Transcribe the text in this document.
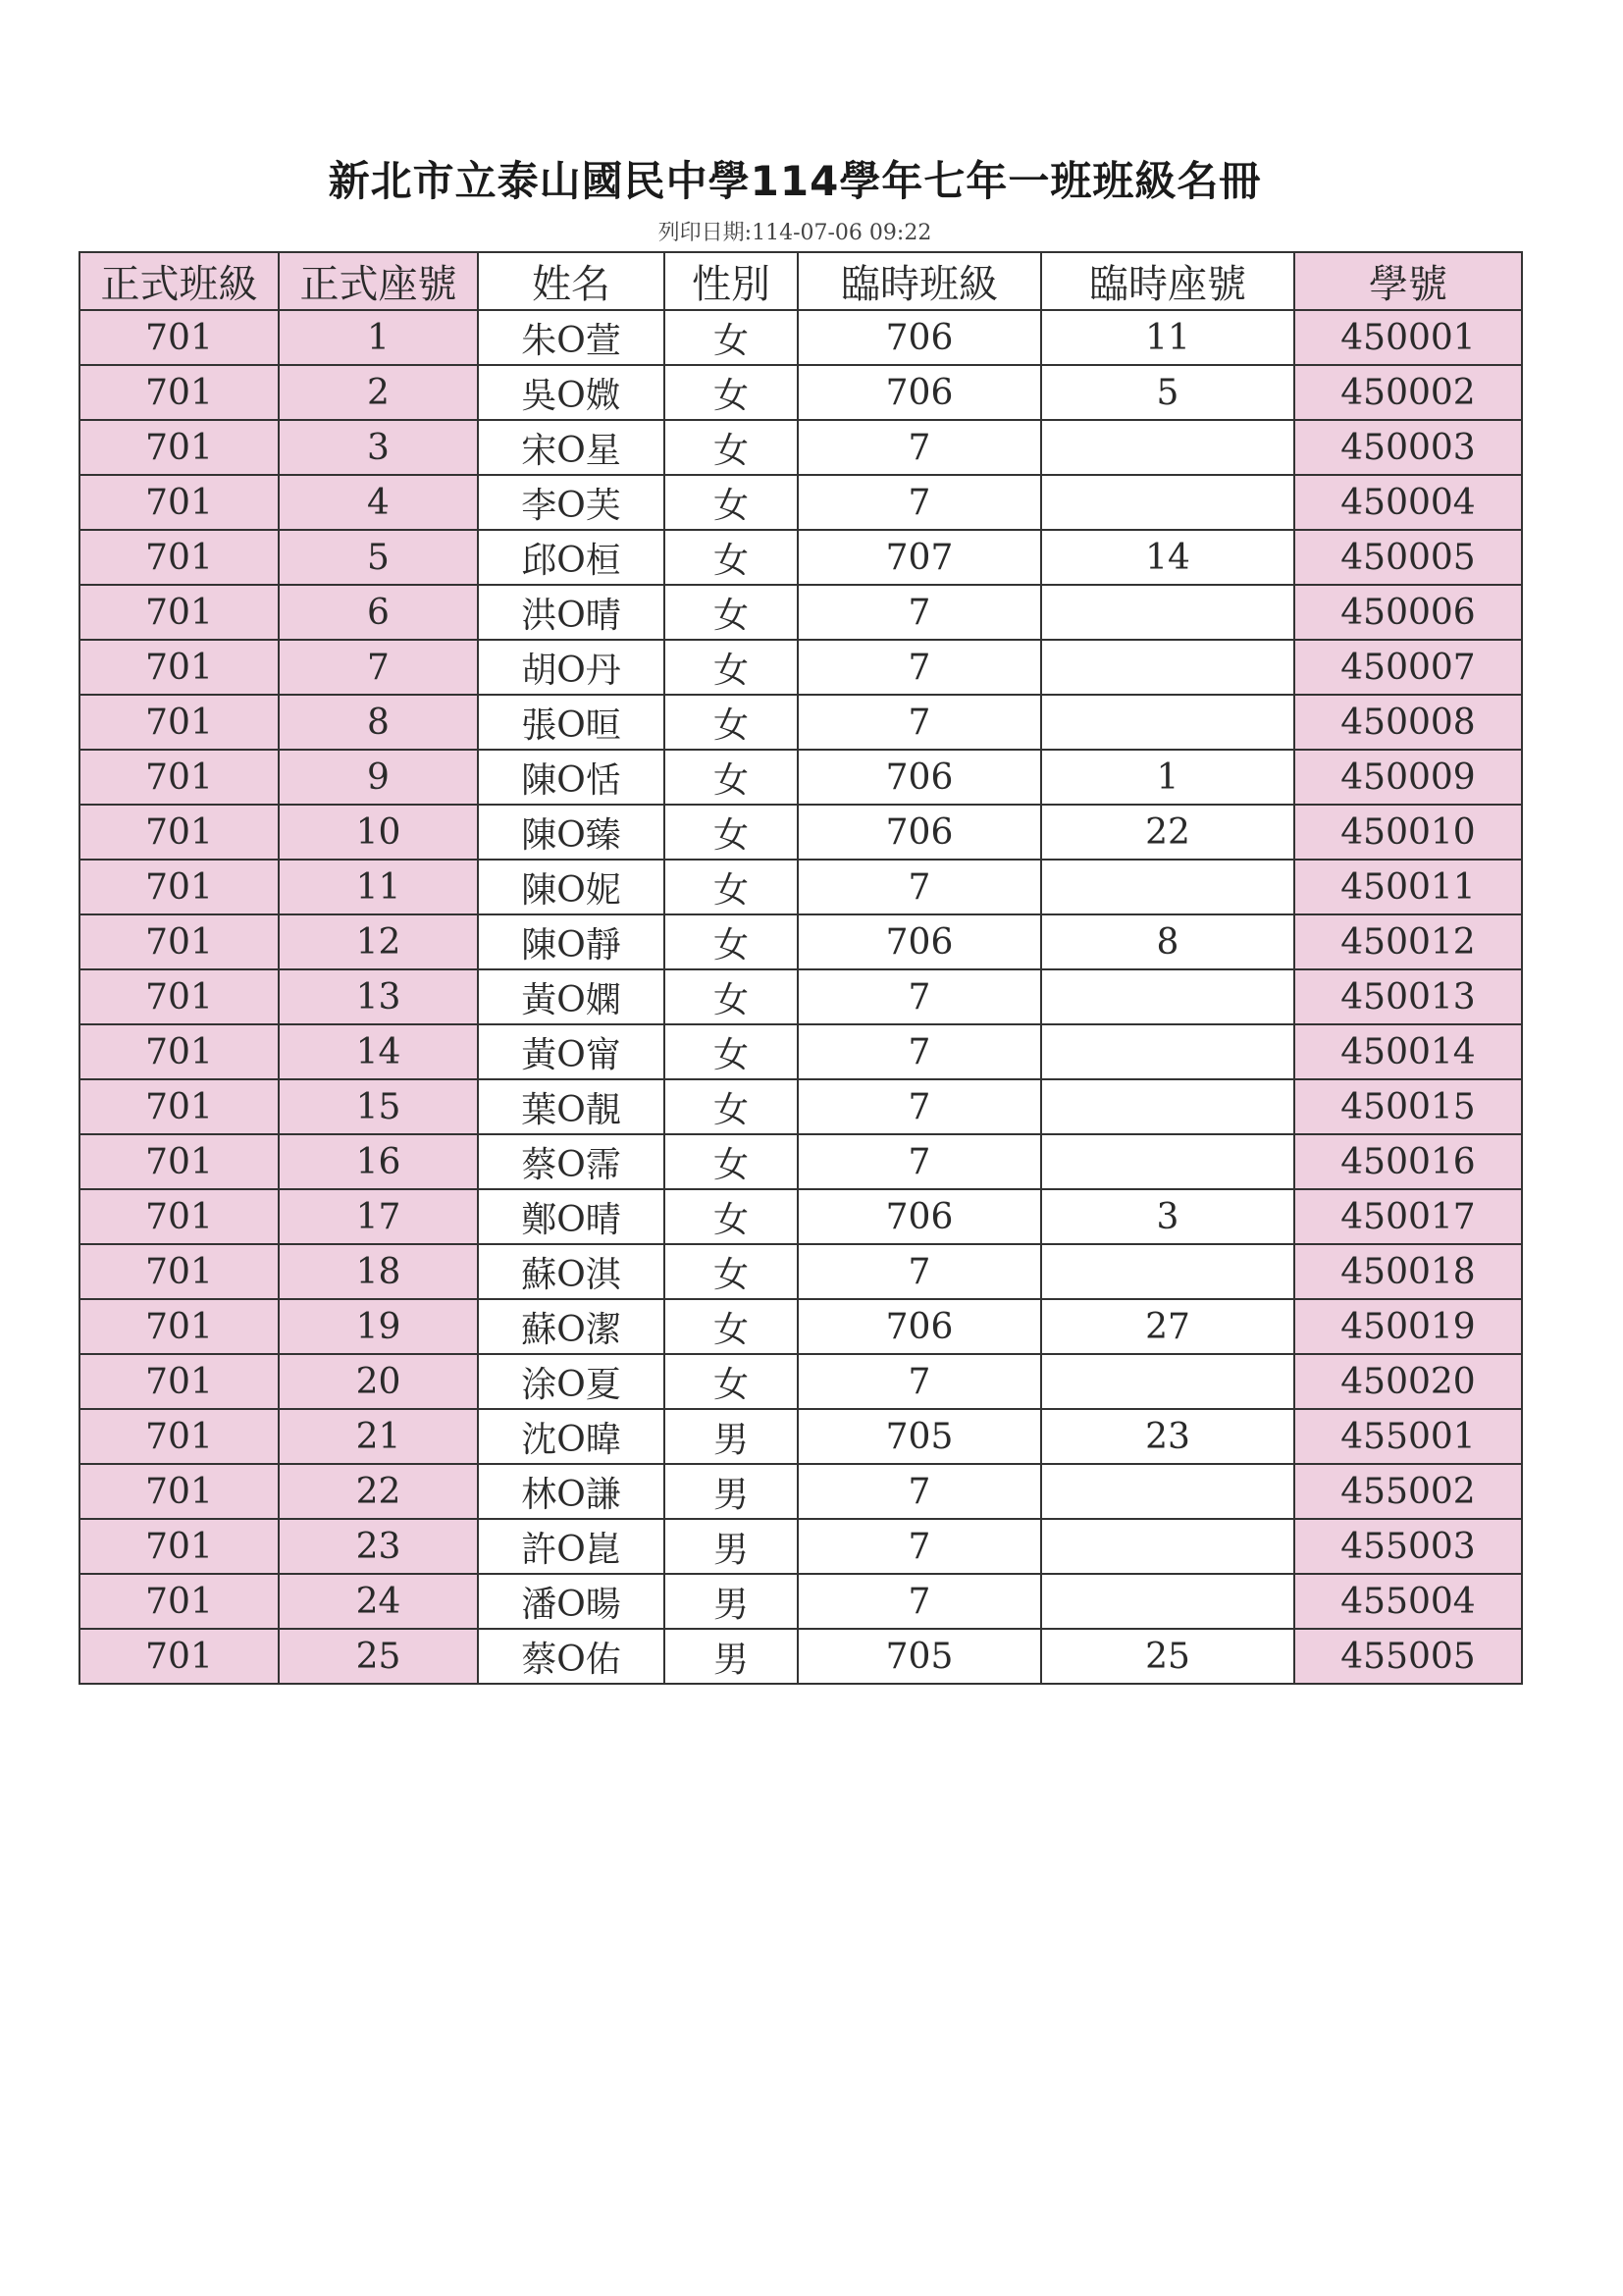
新北市立泰山國民中學114學年七年一班班級名冊
列印日期:114-07-06 09:22
正式班級	正式座號	姓名	性別	臨時班級	臨時座號	學號
701	1	朱O萱	女	706	11	450001
701	2	吳O媺	女	706	5	450002
701	3	宋O星	女	7		450003
701	4	李O芙	女	7		450004
701	5	邱O桓	女	707	14	450005
701	6	洪O晴	女	7		450006
701	7	胡O丹	女	7		450007
701	8	張O晅	女	7		450008
701	9	陳O恬	女	706	1	450009
701	10	陳O臻	女	706	22	450010
701	11	陳O妮	女	7		450011
701	12	陳O靜	女	706	8	450012
701	13	黃O嫻	女	7		450013
701	14	黃O甯	女	7		450014
701	15	葉O靚	女	7		450015
701	16	蔡O霈	女	7		450016
701	17	鄭O晴	女	706	3	450017
701	18	蘇O淇	女	7		450018
701	19	蘇O潔	女	706	27	450019
701	20	涂O夏	女	7		450020
701	21	沈O暐	男	705	23	455001
701	22	林O謙	男	7		455002
701	23	許O崑	男	7		455003
701	24	潘O暘	男	7		455004
701	25	蔡O佑	男	705	25	455005
